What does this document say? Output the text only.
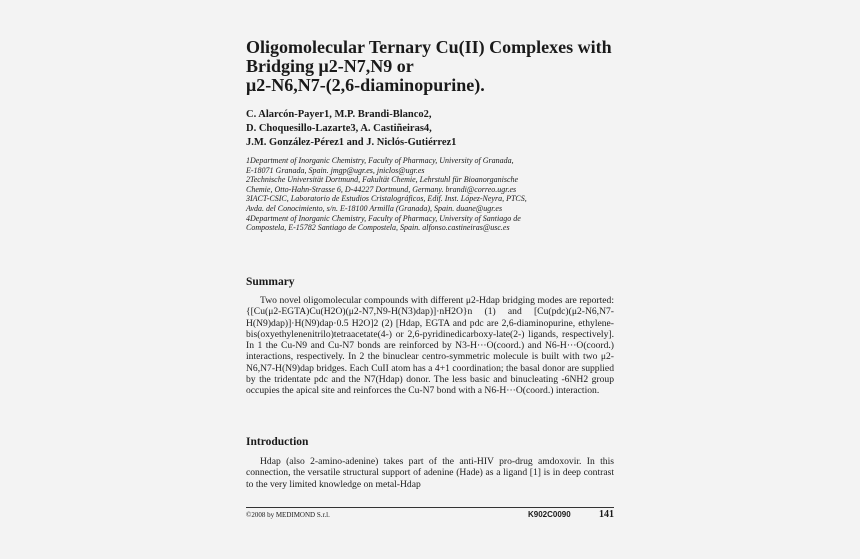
Oligomolecular Ternary Cu(II) Complexes with
Bridging μ2-N7,N9 or
μ2-N6,N7-(2,6-diaminopurine).
C. Alarcón-Payer1, M.P. Brandi-Blanco2,
D. Choquesillo-Lazarte3, A. Castiñeiras4,
J.M. González-Pérez1 and J. Niclós-Gutiérrez1
1Department of Inorganic Chemistry, Faculty of Pharmacy, University of Granada,
E-18071 Granada, Spain. jmgp@ugr.es, jniclos@ugr.es
2Technische Universität Dortmund, Fakultät Chemie, Lehrstuhl für Bioanorganische
Chemie, Otto-Hahn-Strasse 6, D-44227 Dortmund, Germany. brandi@correo.ugr.es
3IACT-CSIC, Laboratorio de Estudios Cristalográficos, Edif. Inst. López-Neyra, PTCS,
Avda. del Conocimiento, s/n. E-18100 Armilla (Granada), Spain. duane@ugr.es
4Department of Inorganic Chemistry, Faculty of Pharmacy, University of Santiago de
Compostela, E-15782 Santiago de Compostela, Spain. alfonso.castineiras@usc.es
Summary

Two novel oligomolecular compounds with different μ2-Hdap bridging modes are reported: {[Cu(μ2-EGTA)Cu(H2O)(μ2-N7,N9-H(N3)dap)]·nH2O}n (1) and [Cu(pdc)(μ2-N6,N7-H(N9)dap)]·H(N9)dap·0.5 H2O]2 (2) [Hdap, EGTA and pdc are 2,6-diaminopurine, ethylene-bis(oxyethylenenitrilo)tetraacetate(4-) or 2,6-pyridinedicarboxy-late(2-) ligands, respectively]. In 1 the Cu-N9 and Cu-N7 bonds are reinforced by N3-H···O(coord.) and N6-H···O(coord.) interactions, respectively. In 2 the binuclear centro-symmetric molecule is built with two μ2-N6,N7-H(N9)dap bridges. Each CuII atom has a 4+1 coordination; the basal donor are supplied by the tridentate pdc and the N7(Hdap) donor. The less basic and binucleating -6NH2 group occupies the apical site and reinforces the Cu-N7 bond with a N6-H···O(coord.) interaction.

Introduction

Hdap (also 2-amino-adenine) takes part of the anti-HIV pro-drug amdoxovir. In this connection, the versatile structural support of adenine (Hade) as a ligand [1] is in deep contrast to the very limited knowledge on metal-Hdap

©2008 by MEDIMOND S.r.l.	K902C0090	141
